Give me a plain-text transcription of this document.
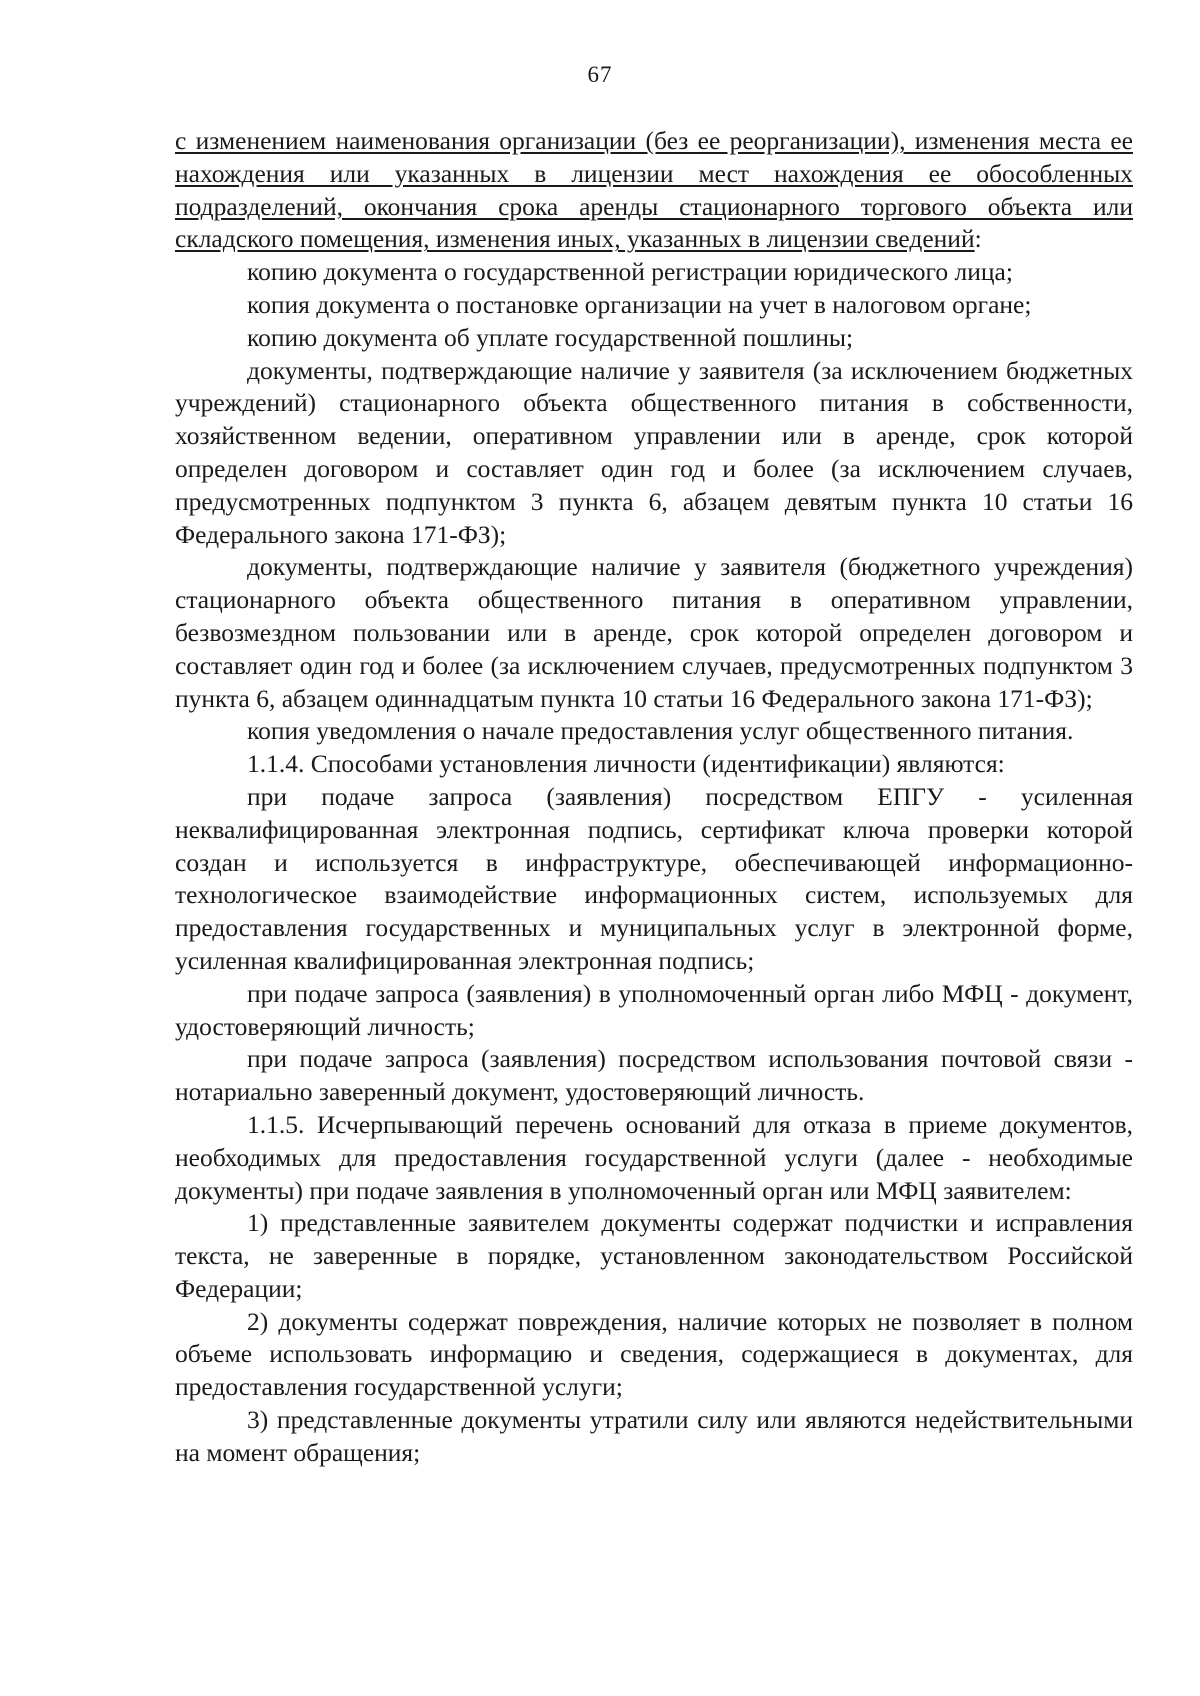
67

с изменением наименования организации (без ее реорганизации), изменения места ее нахождения или указанных в лицензии мест нахождения ее обособленных подразделений, окончания срока аренды стационарного торгового объекта или складского помещения, изменения иных, указанных в лицензии сведений:

копию документа о государственной регистрации юридического лица;

копия документа о постановке организации на учет в налоговом органе;

копию документа об уплате государственной пошлины;

документы, подтверждающие наличие у заявителя (за исключением бюджетных учреждений) стационарного объекта общественного питания в собственности, хозяйственном ведении, оперативном управлении или в аренде, срок которой определен договором и составляет один год и более (за исключением случаев, предусмотренных подпунктом 3 пункта 6, абзацем девятым пункта 10 статьи 16 Федерального закона 171-ФЗ);

документы, подтверждающие наличие у заявителя (бюджетного учреждения) стационарного объекта общественного питания в оперативном управлении, безвозмездном пользовании или в аренде, срок которой определен договором и составляет один год и более (за исключением случаев, предусмотренных подпунктом 3 пункта 6, абзацем одиннадцатым пункта 10 статьи 16 Федерального закона 171-ФЗ);

копия уведомления о начале предоставления услуг общественного питания.

1.1.4. Способами установления личности (идентификации) являются:

при подаче запроса (заявления) посредством ЕПГУ - усиленная неквалифицированная электронная подпись, сертификат ключа проверки которой создан и используется в инфраструктуре, обеспечивающей информационно-технологическое взаимодействие информационных систем, используемых для предоставления государственных и муниципальных услуг в электронной форме, усиленная квалифицированная электронная подпись;

при подаче запроса (заявления) в уполномоченный орган либо МФЦ - документ, удостоверяющий личность;

при подаче запроса (заявления) посредством использования почтовой связи - нотариально заверенный документ, удостоверяющий личность.

1.1.5. Исчерпывающий перечень оснований для отказа в приеме документов, необходимых для предоставления государственной услуги (далее - необходимые документы) при подаче заявления в уполномоченный орган или МФЦ заявителем:

1) представленные заявителем документы содержат подчистки и исправления текста, не заверенные в порядке, установленном законодательством Российской Федерации;

2) документы содержат повреждения, наличие которых не позволяет в полном объеме использовать информацию и сведения, содержащиеся в документах, для предоставления государственной услуги;

3) представленные документы утратили силу или являются недействительными на момент обращения;
